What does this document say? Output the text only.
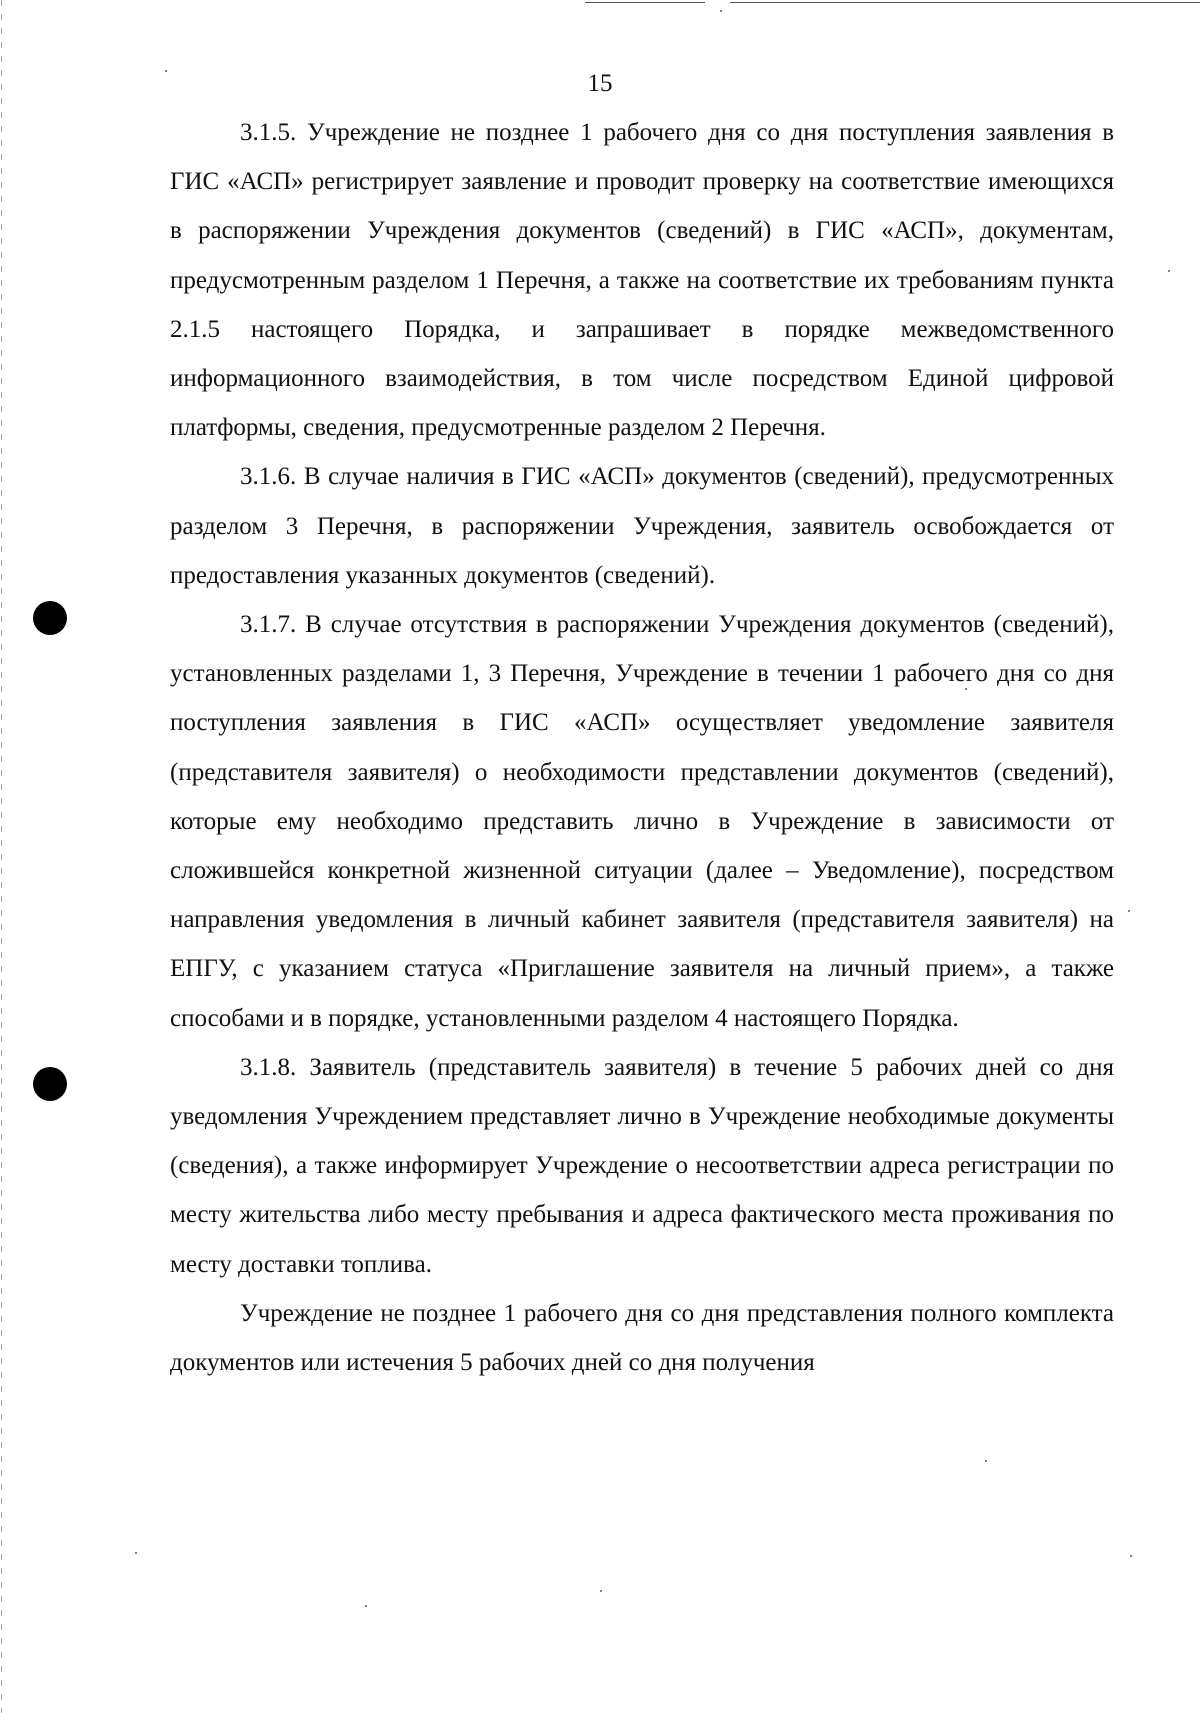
15

3.1.5. Учреждение не позднее 1 рабочего дня со дня поступления заявления в ГИС «АСП» регистрирует заявление и проводит проверку на соответствие имеющихся в распоряжении Учреждения документов (сведений) в ГИС «АСП», документам, предусмотренным разделом 1 Перечня, а также на соответствие их требованиям пункта 2.1.5 настоящего Порядка, и запрашивает в порядке межведомственного информационного взаимодействия, в том числе посредством Единой цифровой платформы, сведения, предусмотренные разделом 2 Перечня.

3.1.6. В случае наличия в ГИС «АСП» документов (сведений), предусмотренных разделом 3 Перечня, в распоряжении Учреждения, заявитель освобождается от предоставления указанных документов (сведений).

3.1.7. В случае отсутствия в распоряжении Учреждения документов (сведений), установленных разделами 1, 3 Перечня, Учреждение в течении 1 рабочего дня со дня поступления заявления в ГИС «АСП» осуществляет уведомление заявителя (представителя заявителя) о необходимости представлении документов (сведений), которые ему необходимо представить лично в Учреждение в зависимости от сложившейся конкретной жизненной ситуации (далее – Уведомление), посредством направления уведомления в личный кабинет заявителя (представителя заявителя) на ЕПГУ, с указанием статуса «Приглашение заявителя на личный прием», а также способами и в порядке, установленными разделом 4 настоящего Порядка.

3.1.8. Заявитель (представитель заявителя) в течение 5 рабочих дней со дня уведомления Учреждением представляет лично в Учреждение необходимые документы (сведения), а также информирует Учреждение о несоответствии адреса регистрации по месту жительства либо месту пребывания и адреса фактического места проживания по месту доставки топлива.

Учреждение не позднее 1 рабочего дня со дня представления полного комплекта документов или истечения 5 рабочих дней со дня получения
